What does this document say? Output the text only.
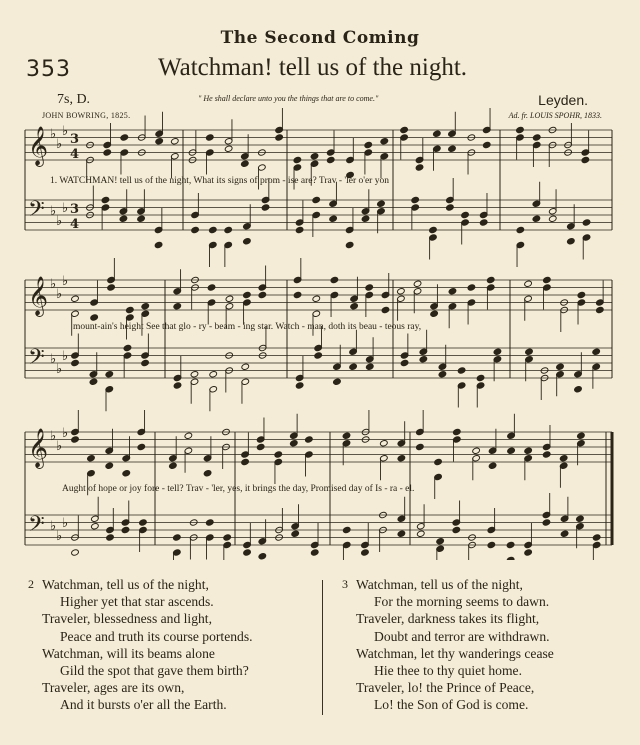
The Second Coming
353	Watchman! tell us of the night.
7s, D.	" He shall declare unto you the things that are to come."	Leyden.
JOHN BOWRING, 1825.	Ad. fr. LOUIS SPOHR, 1833.
𝄞 ♭
♭
♭
3
4
𝄢 ♭
♭
♭ 3
4
𝄞 ♭
♭
♭
𝄢 ♭
♭
♭
𝄞 ♭
♭
♭
𝄢 ♭
♭
♭
1. WATCHMAN! tell us of the night, What its signs of prom - ise are? Trav - 'ler o'er yon
mount-ain's height See that glo - ry - beam - ing star. Watch - man, doth its beau - teous ray,
Aught of hope or joy fore - tell? Trav - 'ler, yes, it brings the day, Promised day of Is - ra - el.
2 Watchman, tell us of the night,
Higher yet that star ascends.
Traveler, blessedness and light,
Peace and truth its course portends.
Watchman, will its beams alone
Gild the spot that gave them birth?
Traveler, ages are its own,
And it bursts o'er all the Earth.
3 Watchman, tell us of the night,
For the morning seems to dawn.
Traveler, darkness takes its flight,
Doubt and terror are withdrawn.
Watchman, let thy wanderings cease
Hie thee to thy quiet home.
Traveler, lo! the Prince of Peace,
Lo! the Son of God is come.
